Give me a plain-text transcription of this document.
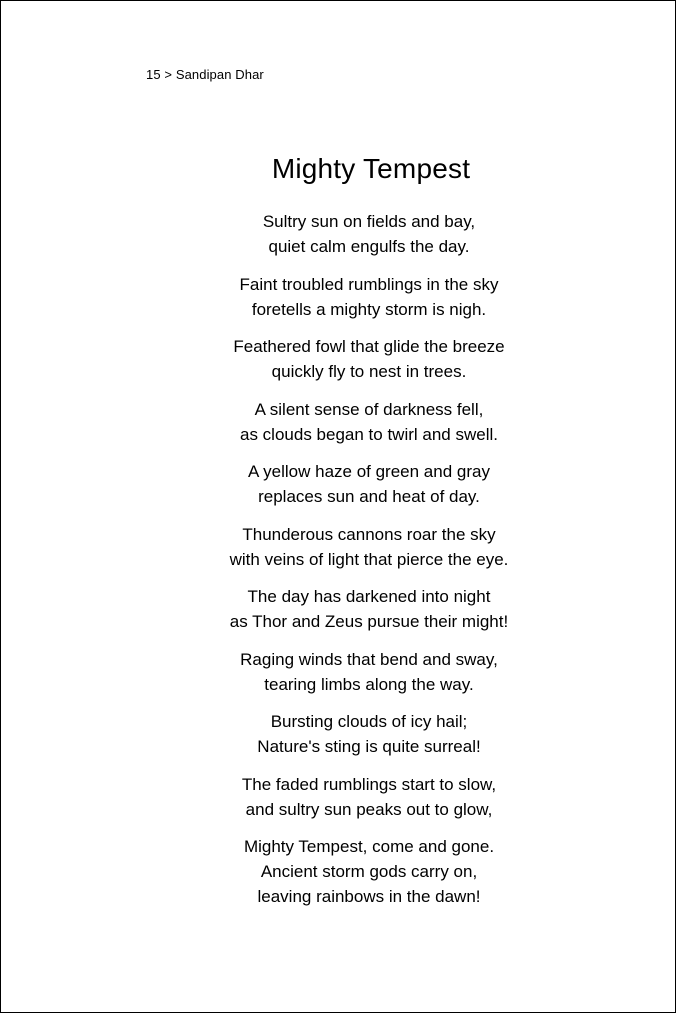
15 > Sandipan Dhar
Mighty Tempest
Sultry sun on fields and bay,
quiet calm engulfs the day.
Faint troubled rumblings in the sky
foretells a mighty storm is nigh.
Feathered fowl that glide the breeze
quickly fly to nest in trees.
A silent sense of darkness fell,
as clouds began to twirl and swell.
A yellow haze of green and gray
replaces sun and heat of day.
Thunderous cannons roar the sky
with veins of light that pierce the eye.
The day has darkened into night
as Thor and Zeus pursue their might!
Raging winds that bend and sway,
tearing limbs along the way.
Bursting clouds of icy hail;
Nature's sting is quite surreal!
The faded rumblings start to slow,
and sultry sun peaks out to glow,
Mighty Tempest, come and gone.
Ancient storm gods carry on,
leaving rainbows in the dawn!
